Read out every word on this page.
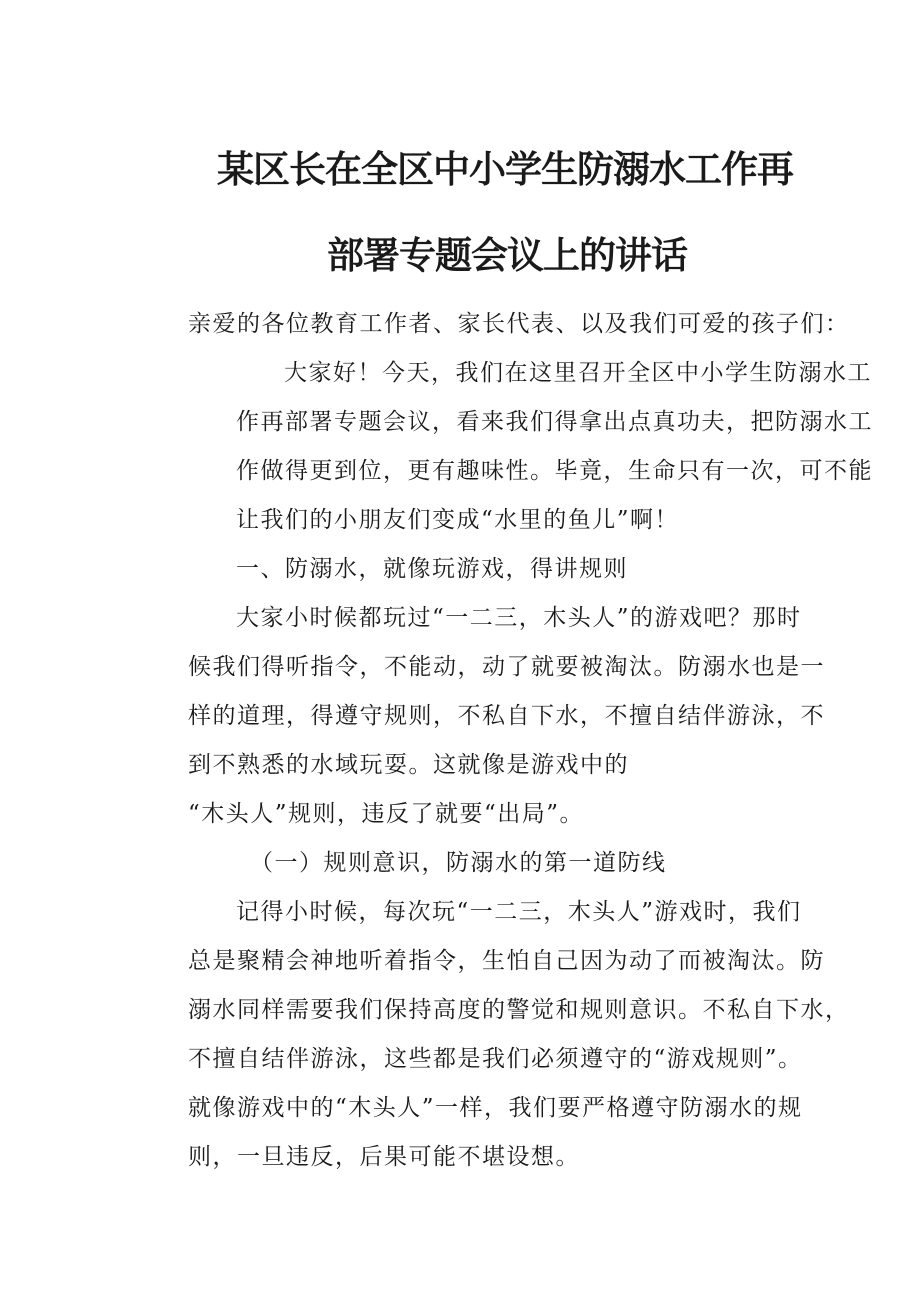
某区长在全区中小学生防溺水工作再
部署专题会议上的讲话

亲爱的各位教育工作者、家长代表、以及我们可爱的孩子们：

大家好！今天，我们在这里召开全区中小学生防溺水工
作再部署专题会议，看来我们得拿出点真功夫，把防溺水工
作做得更到位，更有趣味性。毕竟，生命只有一次，可不能
让我们的小朋友们变成“水里的鱼儿”啊！

一、防溺水，就像玩游戏，得讲规则

大家小时候都玩过“一二三，木头人”的游戏吧？那时
候我们得听指令，不能动，动了就要被淘汰。防溺水也是一
样的道理，得遵守规则，不私自下水，不擅自结伴游泳，不
到不熟悉的水域玩耍。这就像是游戏中的
“木头人”规则，违反了就要“出局”。

（一）规则意识，防溺水的第一道防线

记得小时候，每次玩“一二三，木头人”游戏时，我们
总是聚精会神地听着指令，生怕自己因为动了而被淘汰。防
溺水同样需要我们保持高度的警觉和规则意识。不私自下水，
不擅自结伴游泳，这些都是我们必须遵守的“游戏规则”。
就像游戏中的“木头人”一样，我们要严格遵守防溺水的规
则，一旦违反，后果可能不堪设想。
